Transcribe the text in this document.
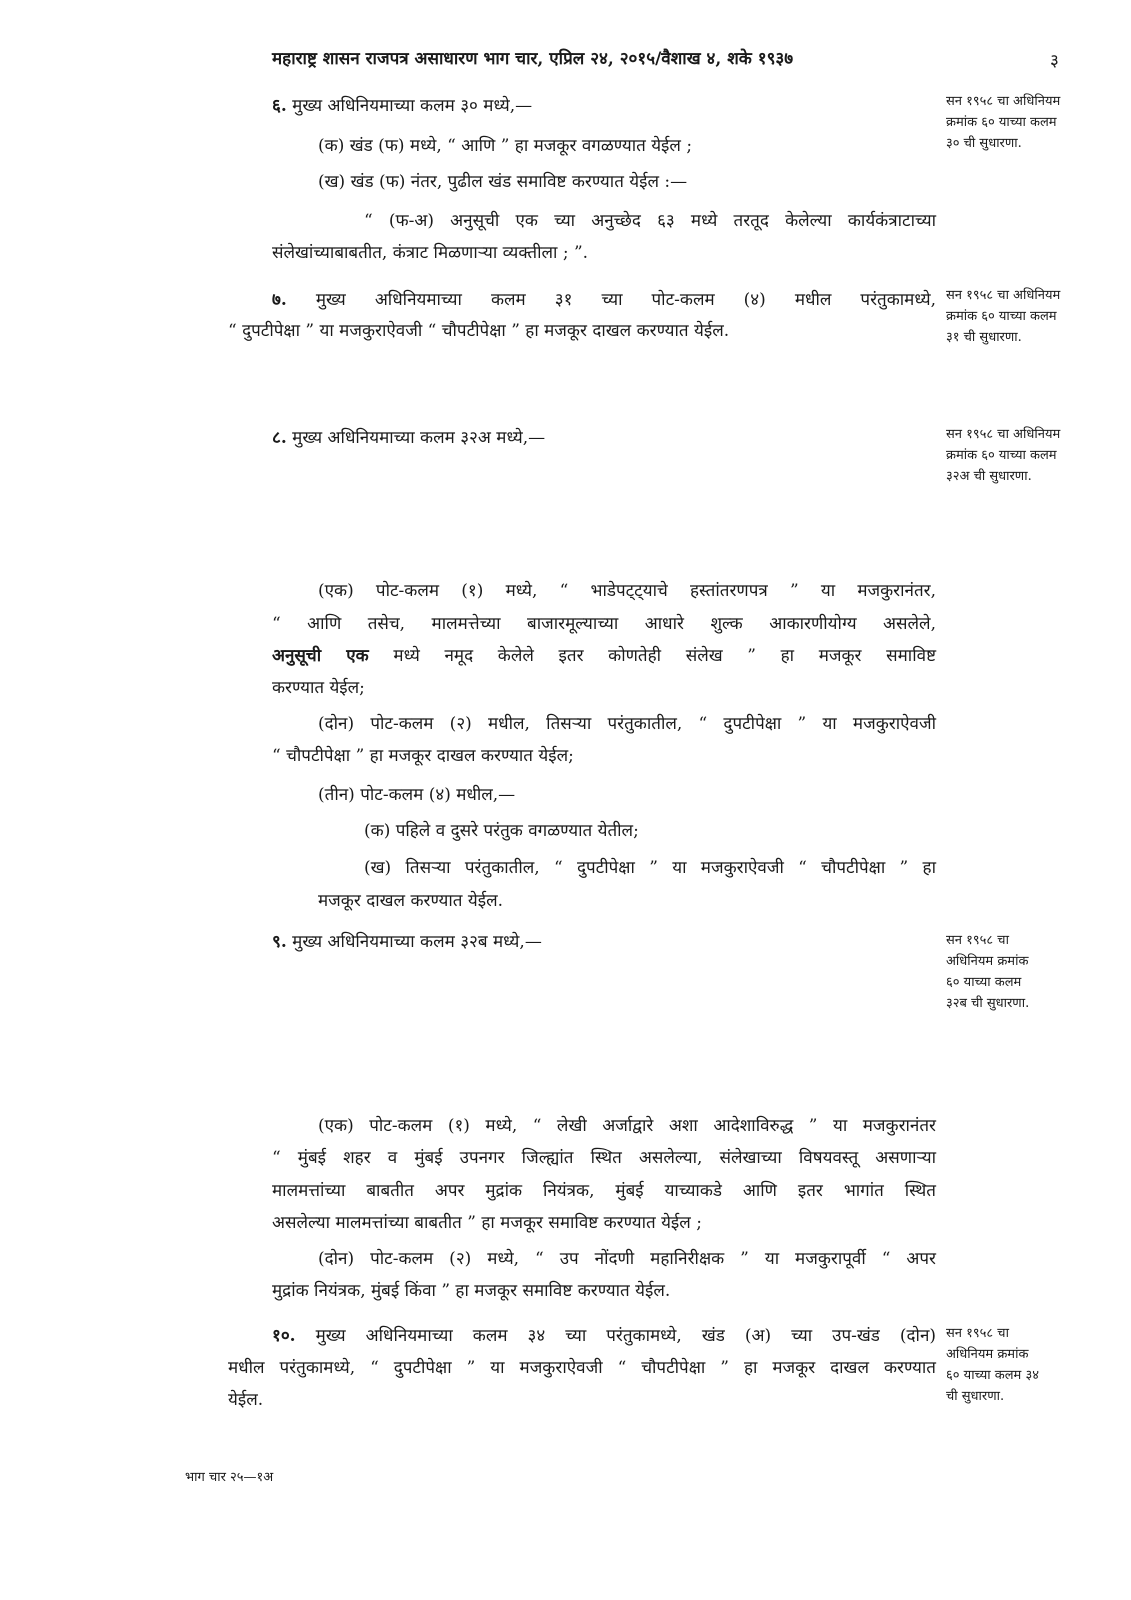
महाराष्ट्र शासन राजपत्र असाधारण भाग चार, एप्रिल २४, २०१५/वैशाख ४, शके १९३७	३
६. मुख्य अधिनियमाच्या कलम ३० मध्ये,—
(क) खंड (फ) मध्ये, “ आणि ” हा मजकूर वगळण्यात येईल ;
(ख) खंड (फ) नंतर, पुढील खंड समाविष्ट करण्यात येईल :—
“ (फ-अ) अनुसूची एक च्या अनुच्छेद ६३ मध्ये तरतूद केलेल्या कार्यकंत्राटाच्या
संलेखांच्याबाबतीत, कंत्राट मिळणाऱ्या व्यक्तीला ; ”.
सन १९५८ चा अधिनियम क्रमांक ६० याच्या कलम ३० ची सुधारणा.
७. मुख्य अधिनियमाच्या कलम ३१ च्या पोट-कलम (४) मधील परंतुकामध्ये,
“ दुपटीपेक्षा ” या मजकुराऐवजी “ चौपटीपेक्षा ” हा मजकूर दाखल करण्यात येईल.
सन १९५८ चा अधिनियम क्रमांक ६० याच्या कलम ३१ ची सुधारणा.
८. मुख्य अधिनियमाच्या कलम ३२अ मध्ये,—	सन १९५८ चा अधिनियम क्रमांक ६० याच्या कलम ३२अ ची सुधारणा.
(एक) पोट-कलम (१) मध्ये, “ भाडेपट्ट्याचे हस्तांतरणपत्र ” या मजकुरानंतर,
“ आणि तसेच, मालमत्तेच्या बाजारमूल्याच्या आधारे शुल्क आकारणीयोग्य असलेले,
अनुसूची एक मध्ये नमूद केलेले इतर कोणतेही संलेख ” हा मजकूर समाविष्ट
करण्यात येईल;
(दोन) पोट-कलम (२) मधील, तिसऱ्या परंतुकातील, “ दुपटीपेक्षा ” या मजकुराऐवजी
“ चौपटीपेक्षा ” हा मजकूर दाखल करण्यात येईल;
(तीन) पोट-कलम (४) मधील,—
(क) पहिले व दुसरे परंतुक वगळण्यात येतील;
(ख) तिसऱ्या परंतुकातील, “ दुपटीपेक्षा ” या मजकुराऐवजी “ चौपटीपेक्षा ” हा
मजकूर दाखल करण्यात येईल.
९. मुख्य अधिनियमाच्या कलम ३२ब मध्ये,—	सन १९५८ चा अधिनियम क्रमांक ६० याच्या कलम ३२ब ची सुधारणा.
(एक) पोट-कलम (१) मध्ये, “ लेखी अर्जाद्वारे अशा आदेशाविरुद्ध ” या मजकुरानंतर
“ मुंबई शहर व मुंबई उपनगर जिल्ह्यांत स्थित असलेल्या, संलेखाच्या विषयवस्तू असणाऱ्या
मालमत्तांच्या बाबतीत अपर मुद्रांक नियंत्रक, मुंबई याच्याकडे आणि इतर भागांत स्थित
असलेल्या मालमत्तांच्या बाबतीत ” हा मजकूर समाविष्ट करण्यात येईल ;
(दोन) पोट-कलम (२) मध्ये, “ उप नोंदणी महानिरीक्षक ” या मजकुरापूर्वी “ अपर
मुद्रांक नियंत्रक, मुंबई किंवा ” हा मजकूर समाविष्ट करण्यात येईल.
१०. मुख्य अधिनियमाच्या कलम ३४ च्या परंतुकामध्ये, खंड (अ) च्या उप-खंड (दोन)
मधील परंतुकामध्ये, “ दुपटीपेक्षा ” या मजकुराऐवजी “ चौपटीपेक्षा ” हा मजकूर दाखल करण्यात
येईल.
सन १९५८ चा अधिनियम क्रमांक ६० याच्या कलम ३४ ची सुधारणा.
भाग चार २५—१अ
